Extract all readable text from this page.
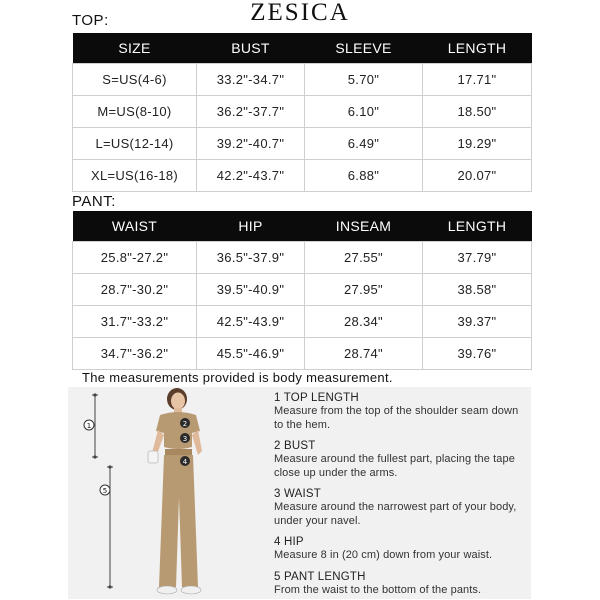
ZESICA
TOP:
SIZE	BUST	SLEEVE	LENGTH
S=US(4-6)	33.2"-34.7"	5.70"	17.71"
M=US(8-10)	36.2"-37.7"	6.10"	18.50"
L=US(12-14)	39.2"-40.7"	6.49"	19.29"
XL=US(16-18)	42.2"-43.7"	6.88"	20.07"
PANT:
WAIST	HIP	INSEAM	LENGTH
25.8"-27.2"	36.5"-37.9"	27.55"	37.79"
28.7"-30.2"	39.5"-40.9"	27.95"	38.58"
31.7"-33.2"	42.5"-43.9"	28.34"	39.37"
34.7"-36.2"	45.5"-46.9"	28.74"	39.76"
The measurements provided is body measurement.
1	2
3
4
5
1 TOP LENGTH
Measure from the top of the shoulder seam down to the hem.
2 BUST
Measure around the fullest part, placing the tape close up under the arms.
3 WAIST
Measure around the narrowest part of your body, under your navel.
4 HIP
Measure 8 in (20 cm) down from your waist.
5 PANT LENGTH
From the waist to the bottom of the pants.
